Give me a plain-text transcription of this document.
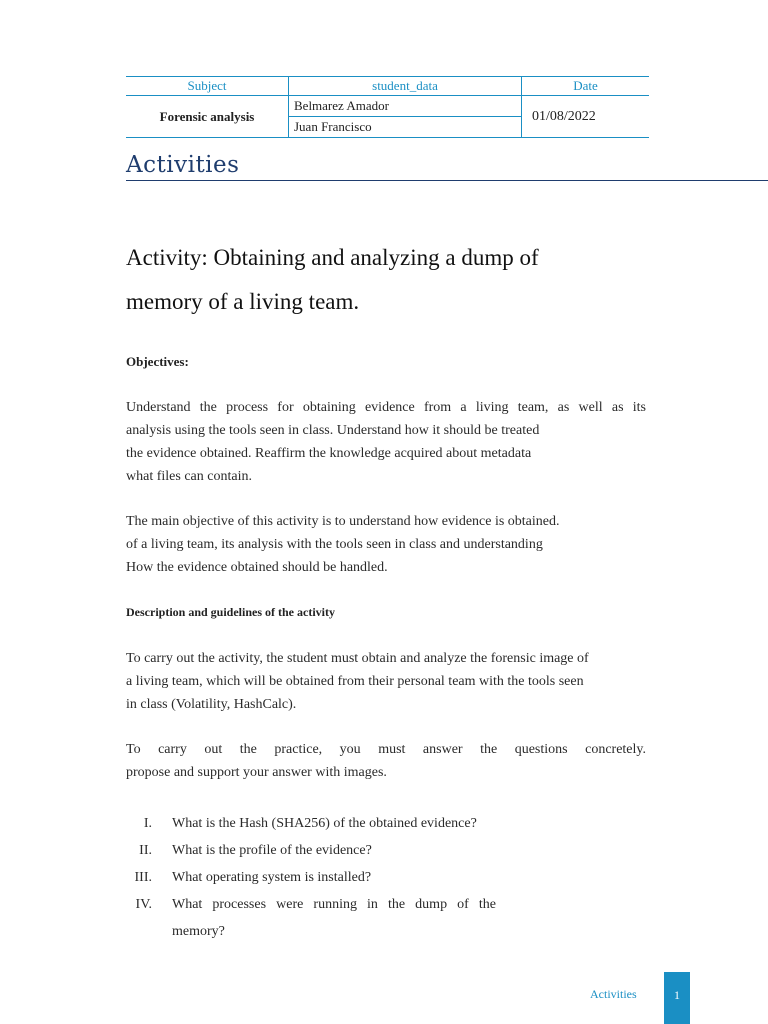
Subject	student_data	Date
Forensic analysis	Belmarez Amador	01/08/2022
	Juan Francisco	
Activities
Activity: Obtaining and analyzing a dump of
memory of a living team.
Objectives:
Understand the process for obtaining evidence from a living team, as well as its
analysis using the tools seen in class. Understand how it should be treated
the evidence obtained. Reaffirm the knowledge acquired about metadata
what files can contain.
The main objective of this activity is to understand how evidence is obtained.
of a living team, its analysis with the tools seen in class and understanding
How the evidence obtained should be handled.
Description and guidelines of the activity
To carry out the activity, the student must obtain and analyze the forensic image of
a living team, which will be obtained from their personal team with the tools seen
in class (Volatility, HashCalc).
To carry out the practice, you must answer the questions concretely.
propose and support your answer with images.
I. What is the Hash (SHA256) of the obtained evidence?
II. What is the profile of the evidence?
III. What operating system is installed?
IV. What processes were running in the dump of the memory?
Activities	1
